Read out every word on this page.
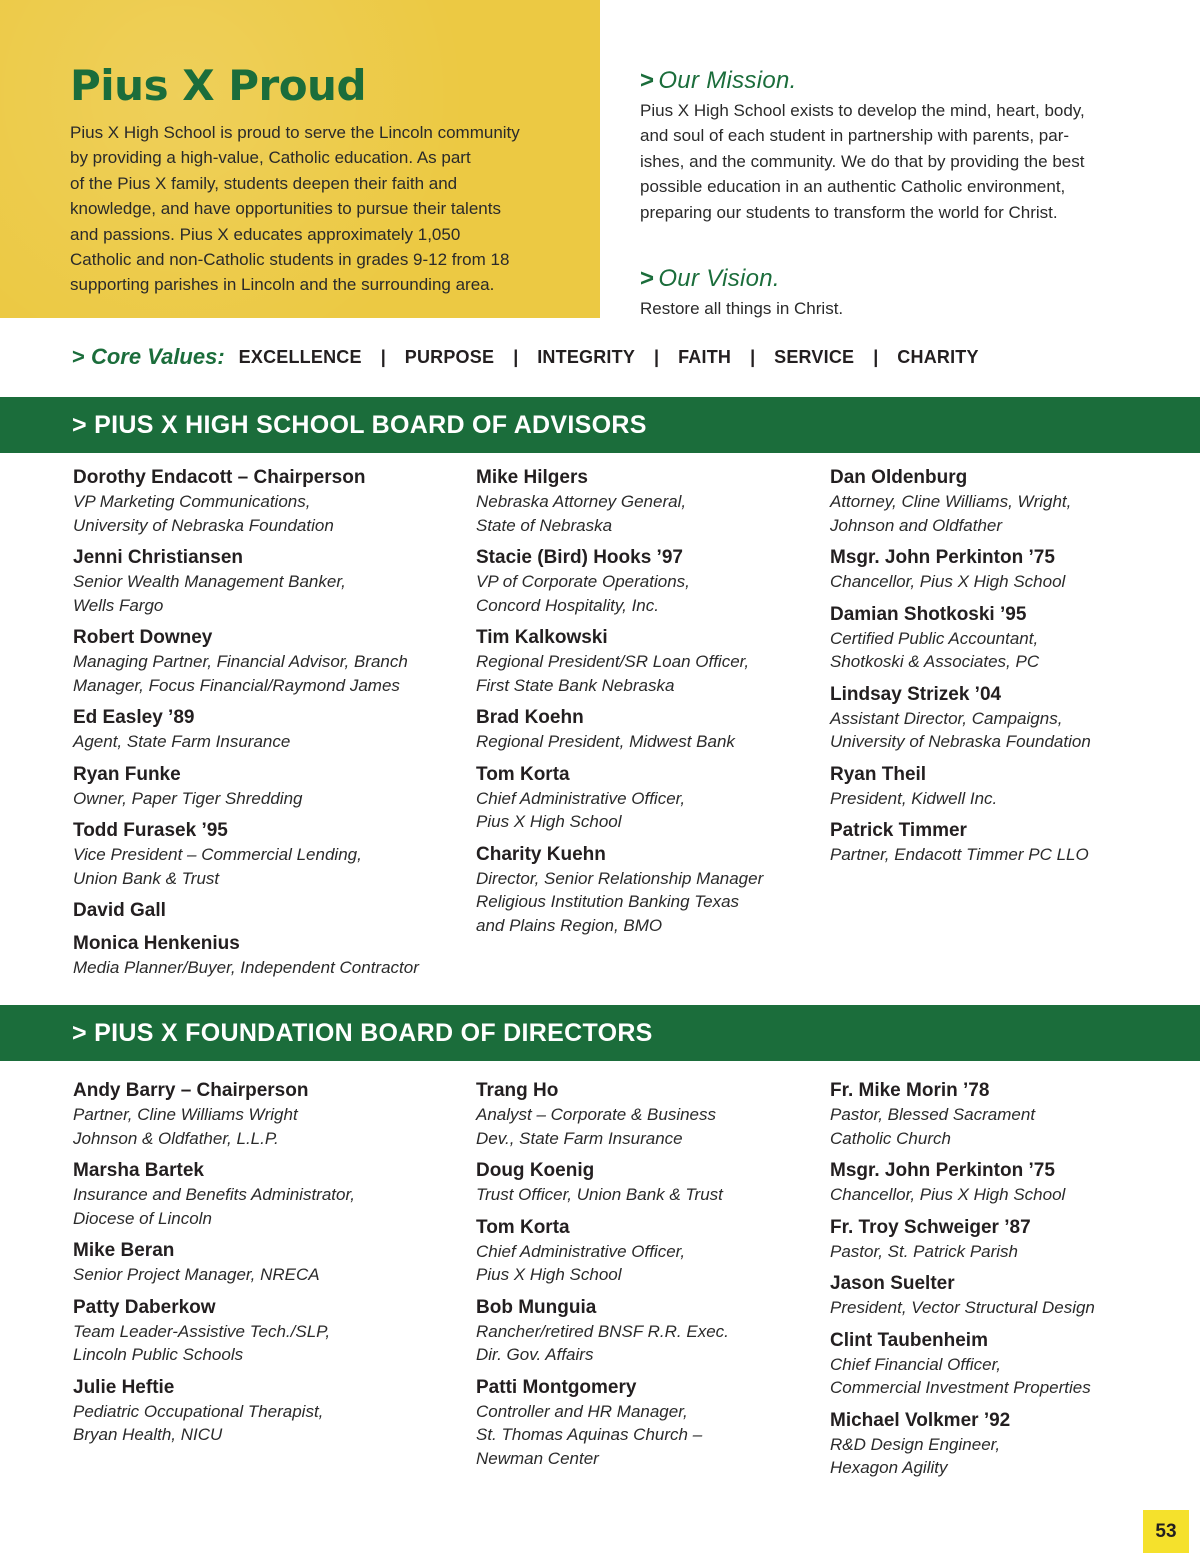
Pius X Proud
Pius X High School is proud to serve the Lincoln community
by providing a high-value, Catholic education. As part
of the Pius X family, students deepen their faith and
knowledge, and have opportunities to pursue their talents
and passions. Pius X educates approximately 1,050
Catholic and non-Catholic students in grades 9-12 from 18
supporting parishes in Lincoln and the surrounding area.
> Our Mission.
Pius X High School exists to develop the mind, heart, body,
and soul of each student in partnership with parents, par-
ishes, and the community. We do that by providing the best
possible education in an authentic Catholic environment,
preparing our students to transform the world for Christ.
> Our Vision.
Restore all things in Christ.
> Core Values: EXCELLENCE | PURPOSE | INTEGRITY | FAITH | SERVICE | CHARITY
> PIUS X HIGH SCHOOL BOARD OF ADVISORS
Dorothy Endacott – Chairperson
VP Marketing Communications,
University of Nebraska Foundation
Jenni Christiansen
Senior Wealth Management Banker,
Wells Fargo
Robert Downey
Managing Partner, Financial Advisor, Branch
Manager, Focus Financial/Raymond James
Ed Easley ’89
Agent, State Farm Insurance
Ryan Funke
Owner, Paper Tiger Shredding
Todd Furasek ’95
Vice President – Commercial Lending,
Union Bank & Trust
David Gall
Monica Henkenius
Media Planner/Buyer, Independent Contractor
Mike Hilgers
Nebraska Attorney General,
State of Nebraska
Stacie (Bird) Hooks ’97
VP of Corporate Operations,
Concord Hospitality, Inc.
Tim Kalkowski
Regional President/SR Loan Officer,
First State Bank Nebraska
Brad Koehn
Regional President, Midwest Bank
Tom Korta
Chief Administrative Officer,
Pius X High School
Charity Kuehn
Director, Senior Relationship Manager
Religious Institution Banking Texas
and Plains Region, BMO
Dan Oldenburg
Attorney, Cline Williams, Wright,
Johnson and Oldfather
Msgr. John Perkinton ’75
Chancellor, Pius X High School
Damian Shotkoski ’95
Certified Public Accountant,
Shotkoski & Associates, PC
Lindsay Strizek ’04
Assistant Director, Campaigns,
University of Nebraska Foundation
Ryan Theil
President, Kidwell Inc.
Patrick Timmer
Partner, Endacott Timmer PC LLO
> PIUS X FOUNDATION BOARD OF DIRECTORS
Andy Barry – Chairperson
Partner, Cline Williams Wright
Johnson & Oldfather, L.L.P.
Marsha Bartek
Insurance and Benefits Administrator,
Diocese of Lincoln
Mike Beran
Senior Project Manager, NRECA
Patty Daberkow
Team Leader-Assistive Tech./SLP,
Lincoln Public Schools
Julie Heftie
Pediatric Occupational Therapist,
Bryan Health, NICU
Trang Ho
Analyst – Corporate & Business
Dev., State Farm Insurance
Doug Koenig
Trust Officer, Union Bank & Trust
Tom Korta
Chief Administrative Officer,
Pius X High School
Bob Munguia
Rancher/retired BNSF R.R. Exec.
Dir. Gov. Affairs
Patti Montgomery
Controller and HR Manager,
St. Thomas Aquinas Church –
Newman Center
Fr. Mike Morin ’78
Pastor, Blessed Sacrament
Catholic Church
Msgr. John Perkinton ’75
Chancellor, Pius X High School
Fr. Troy Schweiger ’87
Pastor, St. Patrick Parish
Jason Suelter
President, Vector Structural Design
Clint Taubenheim
Chief Financial Officer,
Commercial Investment Properties
Michael Volkmer ’92
R&D Design Engineer,
Hexagon Agility
53
